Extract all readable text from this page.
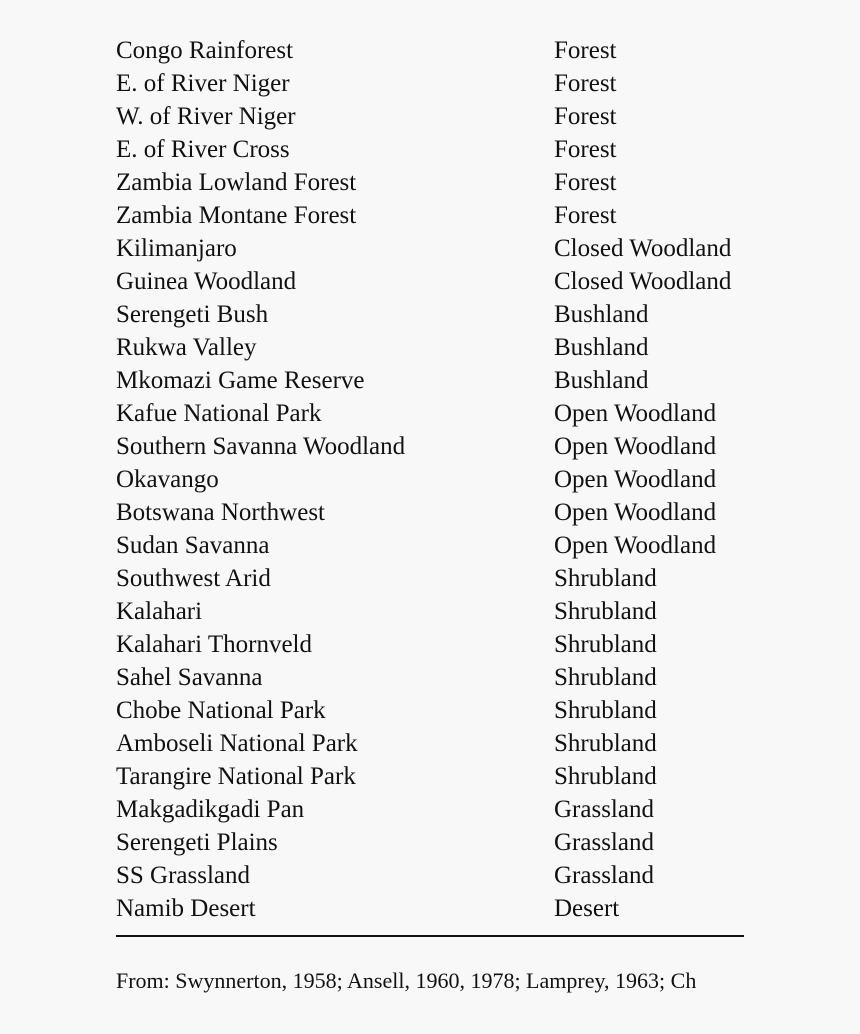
Congo Rainforest	Forest
E. of River Niger	Forest
W. of River Niger	Forest
E. of River Cross	Forest
Zambia Lowland Forest	Forest
Zambia Montane Forest	Forest
Kilimanjaro	Closed Woodland
Guinea Woodland	Closed Woodland
Serengeti Bush	Bushland
Rukwa Valley	Bushland
Mkomazi Game Reserve	Bushland
Kafue National Park	Open Woodland
Southern Savanna Woodland	Open Woodland
Okavango	Open Woodland
Botswana Northwest	Open Woodland
Sudan Savanna	Open Woodland
Southwest Arid	Shrubland
Kalahari	Shrubland
Kalahari Thornveld	Shrubland
Sahel Savanna	Shrubland
Chobe National Park	Shrubland
Amboseli National Park	Shrubland
Tarangire National Park	Shrubland
Makgadikgadi Pan	Grassland
Serengeti Plains	Grassland
SS Grassland	Grassland
Namib Desert	Desert
From: Swynnerton, 1958; Ansell, 1960, 1978; Lamprey, 1963; Ch
